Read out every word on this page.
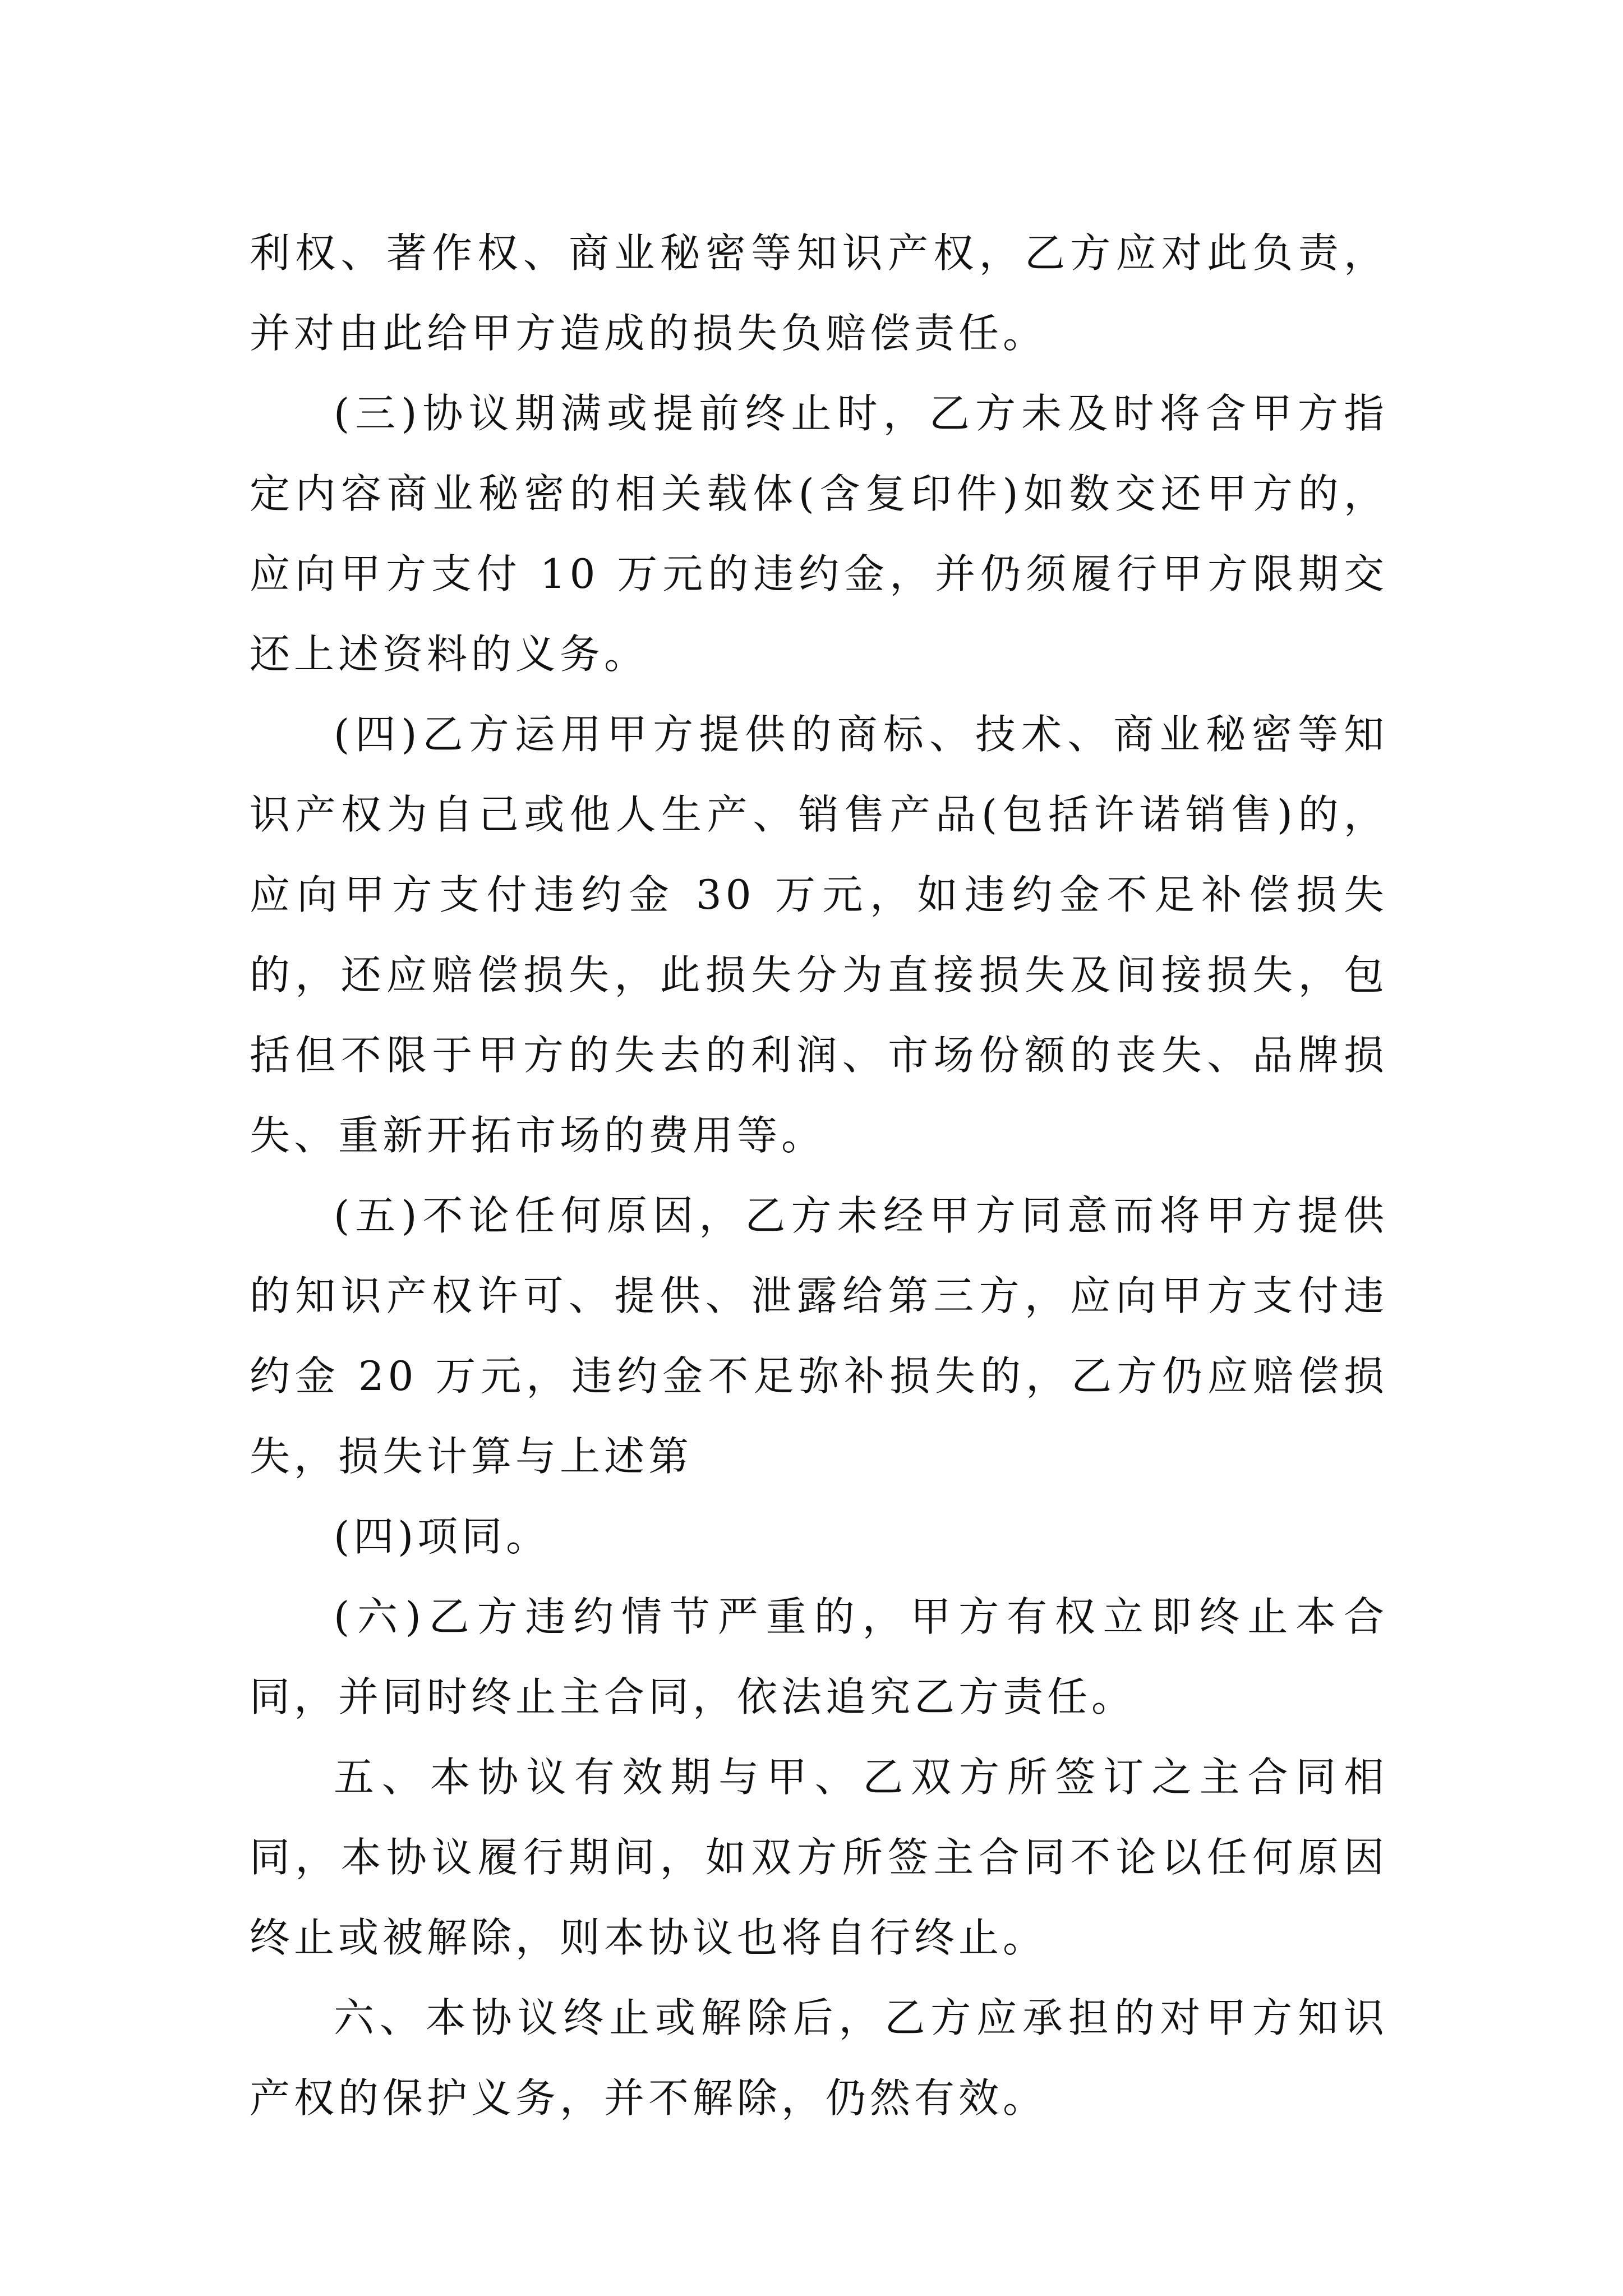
利权、著作权、商业秘密等知识产权，乙方应对此负责，并对由此给甲方造成的损失负赔偿责任。

(三)协议期满或提前终止时，乙方未及时将含甲方指定内容商业秘密的相关载体(含复印件)如数交还甲方的，应向甲方支付 10 万元的违约金，并仍须履行甲方限期交还上述资料的义务。

(四)乙方运用甲方提供的商标、技术、商业秘密等知识产权为自己或他人生产、销售产品(包括许诺销售)的，应向甲方支付违约金 30 万元，如违约金不足补偿损失的，还应赔偿损失，此损失分为直接损失及间接损失，包括但不限于甲方的失去的利润、市场份额的丧失、品牌损失、重新开拓市场的费用等。

(五)不论任何原因，乙方未经甲方同意而将甲方提供的知识产权许可、提供、泄露给第三方，应向甲方支付违约金 20 万元，违约金不足弥补损失的，乙方仍应赔偿损失，损失计算与上述第

(四)项同。

(六)乙方违约情节严重的，甲方有权立即终止本合同，并同时终止主合同，依法追究乙方责任。

五、本协议有效期与甲、乙双方所签订之主合同相同，本协议履行期间，如双方所签主合同不论以任何原因终止或被解除，则本协议也将自行终止。

六、本协议终止或解除后，乙方应承担的对甲方知识产权的保护义务，并不解除，仍然有效。
